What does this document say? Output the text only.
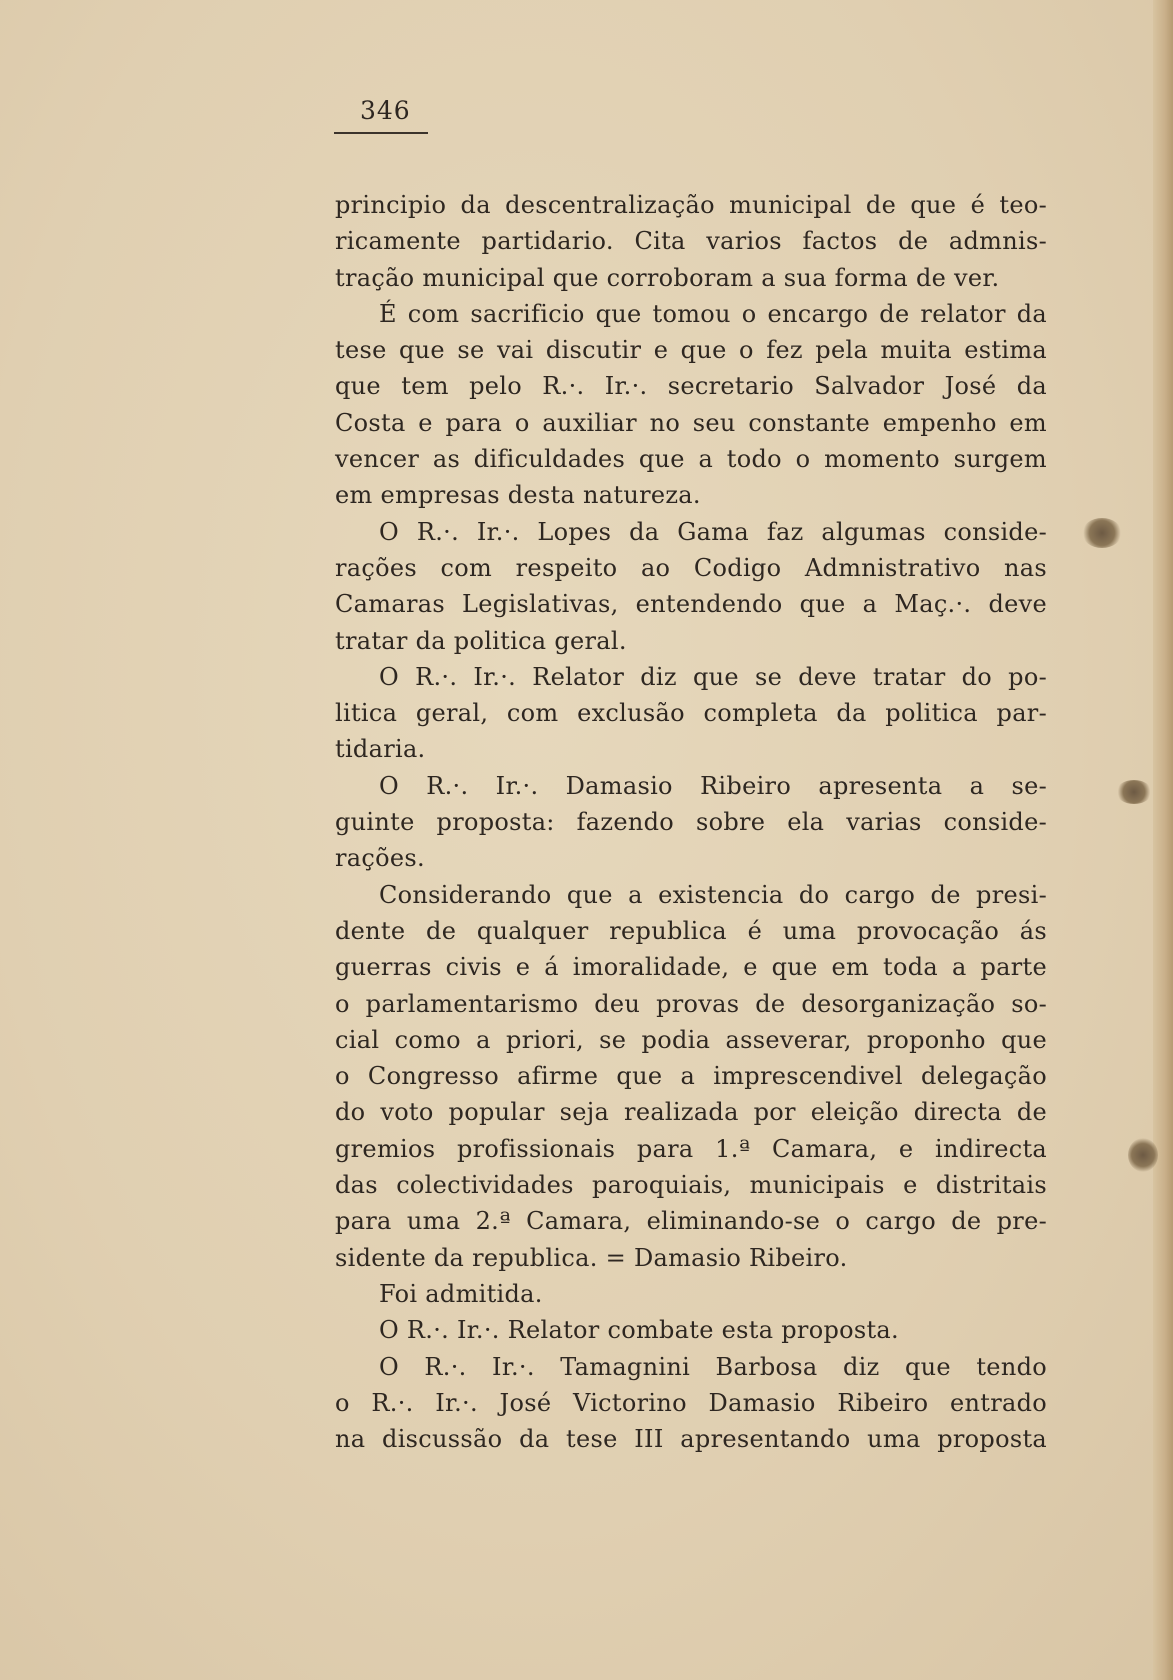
346
principio da descentralização municipal de que é teo-
ricamente partidario. Cita varios factos de admnis-
tração municipal que corroboram a sua forma de ver.
É com sacrificio que tomou o encargo de relator da
tese que se vai discutir e que o fez pela muita estima
que tem pelo R.·. Ir.·. secretario Salvador José da
Costa e para o auxiliar no seu constante empenho em
vencer as dificuldades que a todo o momento surgem
em empresas desta natureza.
O R.·. Ir.·. Lopes da Gama faz algumas conside-
rações com respeito ao Codigo Admnistrativo nas
Camaras Legislativas, entendendo que a Maç.·. deve
tratar da politica geral.
O R.·. Ir.·. Relator diz que se deve tratar do po-
litica geral, com exclusão completa da politica par-
tidaria.
O R.·. Ir.·. Damasio Ribeiro apresenta a se-
guinte proposta: fazendo sobre ela varias conside-
rações.
Considerando que a existencia do cargo de presi-
dente de qualquer republica é uma provocação ás
guerras civis e á imoralidade, e que em toda a parte
o parlamentarismo deu provas de desorganização so-
cial como a priori, se podia asseverar, proponho que
o Congresso afirme que a imprescendivel delegação
do voto popular seja realizada por eleição directa de
gremios profissionais para 1.ª Camara, e indirecta
das colectividades paroquiais, municipais e distritais
para uma 2.ª Camara, eliminando-se o cargo de pre-
sidente da republica. = Damasio Ribeiro.
Foi admitida.
O R.·. Ir.·. Relator combate esta proposta.
O R.·. Ir.·. Tamagnini Barbosa diz que tendo
o R.·. Ir.·. José Victorino Damasio Ribeiro entrado
na discussão da tese III apresentando uma proposta
